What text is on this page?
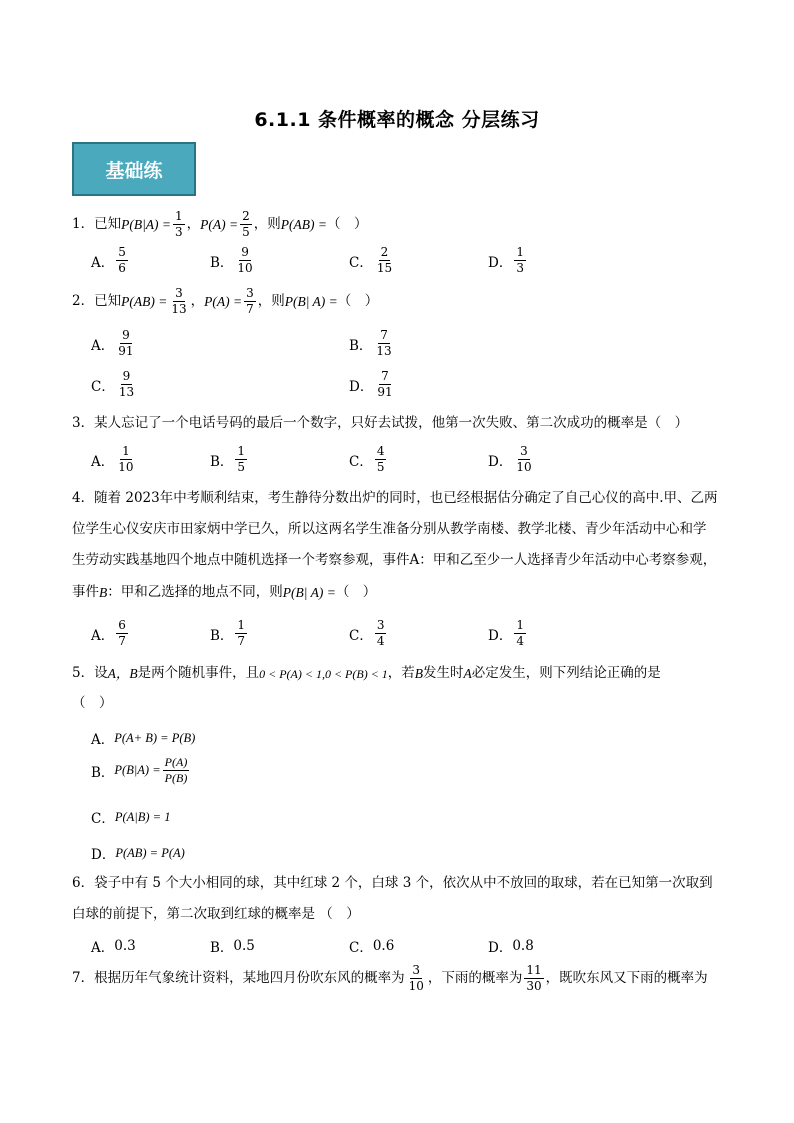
6.1.1 条件概率的概念 分层练习
基础练
1．已知 $P(B|A) = \frac{1}{3}$ ， $P(A) = \frac{2}{5}$ ，则 P(AB) = （　）
A． $\frac{5}{6}$	B． $\frac{9}{10}$	C． $\frac{2}{15}$	D． $\frac{1}{3}$
2．已知 $P(AB) = \frac{3}{13}$ ， $P(A) = \frac{3}{7}$ ，则 P(B| A) = （　）
A． $\frac{9}{91}$	B． $\frac{7}{13}$
C． $\frac{9}{13}$	D． $\frac{7}{91}$
3．某人忘记了一个电话号码的最后一个数字，只好去试拨，他第一次失败、第二次成功的概率是（　）
A． $\frac{1}{10}$	B． $\frac{1}{5}$	C． $\frac{4}{5}$	D． $\frac{3}{10}$
4．随着 2023年中考顺利结束，考生静待分数出炉的同时，也已经根据估分确定了自己心仪的高中.甲、乙两
位学生心仪安庆市田家炳中学已久，所以这两名学生准备分别从教学南楼、教学北楼、青少年活动中心和学
生劳动实践基地四个地点中随机选择一个考察参观，事件A：甲和乙至少一人选择青少年活动中心考察参观，
事件 B ：甲和乙选择的地点不同，则 P(B| A) = （　）
A． $\frac{6}{7}$	B． $\frac{1}{7}$	C． $\frac{3}{4}$	D． $\frac{1}{4}$
5．设 A，B 是两个随机事件，且 0 < P(A) < 1,0 < P(B) < 1 ，若 B 发生时 A 必定发生，则下列结论正确的是
（　）
A． P(A+ B) = P(B)
B． $P(B|A) = \frac{P(A)}{P(B)}$
C． P(A|B) = 1
D． P(AB) = P(A)
6．袋子中有 5 个大小相同的球，其中红球 2 个，白球 3 个，依次从中不放回的取球，若在已知第一次取到
白球的前提下，第二次取到红球的概率是 （　）
A． 0.3	B． 0.5	C． 0.6	D． 0.8
7．根据历年气象统计资料，某地四月份吹东风的概率为 $\frac{3}{10}$ ，下雨的概率为 $\frac{11}{30}$ ，既吹东风又下雨的概率为
